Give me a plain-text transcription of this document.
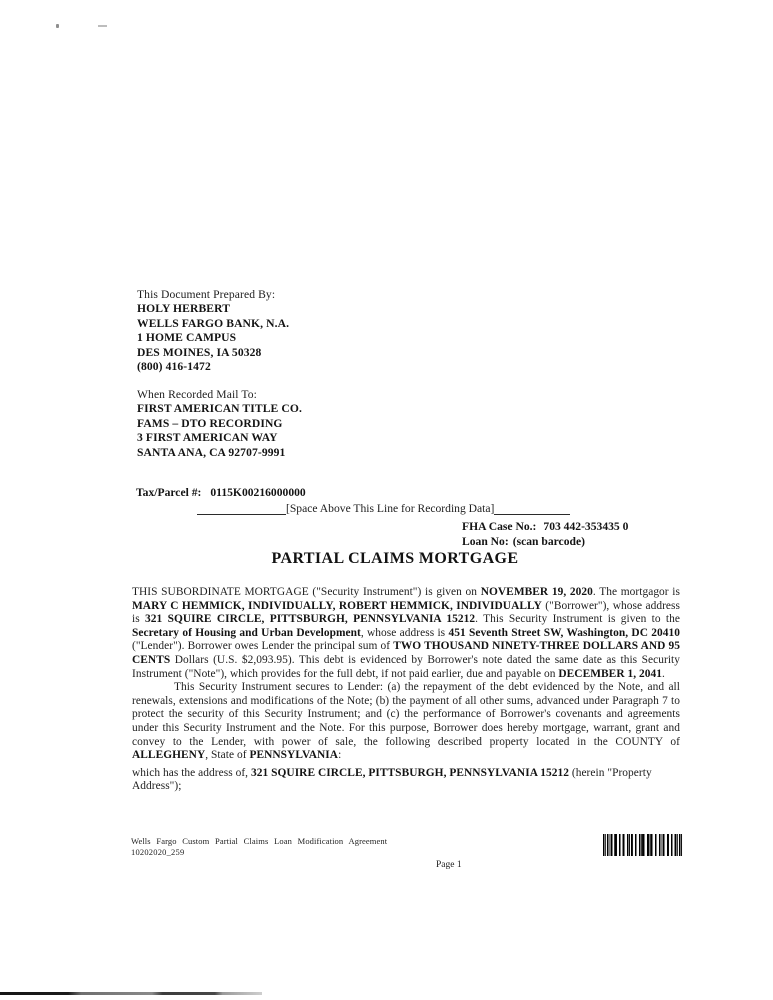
This Document Prepared By:
HOLY HERBERT
WELLS FARGO BANK, N.A.
1 HOME CAMPUS
DES MOINES, IA 50328
(800) 416-1472
When Recorded Mail To:
FIRST AMERICAN TITLE CO.
FAMS – DTO RECORDING
3 FIRST AMERICAN WAY
SANTA ANA, CA 92707-9991
Tax/Parcel #: 0115K00216000000
[Space Above This Line for Recording Data]
FHA Case No.: 703 442-353435 0
Loan No: (scan barcode)
PARTIAL CLAIMS MORTGAGE

THIS SUBORDINATE MORTGAGE ("Security Instrument") is given on NOVEMBER 19, 2020. The mortgagor is MARY C HEMMICK, INDIVIDUALLY, ROBERT HEMMICK, INDIVIDUALLY ("Borrower"), whose address is 321 SQUIRE CIRCLE, PITTSBURGH, PENNSYLVANIA 15212. This Security Instrument is given to the Secretary of Housing and Urban Development, whose address is 451 Seventh Street SW, Washington, DC 20410 ("Lender"). Borrower owes Lender the principal sum of TWO THOUSAND NINETY-THREE DOLLARS AND 95 CENTS Dollars (U.S. $2,093.95). This debt is evidenced by Borrower's note dated the same date as this Security Instrument ("Note"), which provides for the full debt, if not paid earlier, due and payable on DECEMBER 1, 2041.

This Security Instrument secures to Lender: (a) the repayment of the debt evidenced by the Note, and all renewals, extensions and modifications of the Note; (b) the payment of all other sums, advanced under Paragraph 7 to protect the security of this Security Instrument; and (c) the performance of Borrower's covenants and agreements under this Security Instrument and the Note. For this purpose, Borrower does hereby mortgage, warrant, grant and convey to the Lender, with power of sale, the following described property located in the COUNTY of ALLEGHENY, State of PENNSYLVANIA:

which has the address of, 321 SQUIRE CIRCLE, PITTSBURGH, PENNSYLVANIA 15212 (herein "Property Address");

Wells Fargo Custom Partial Claims Loan Modification Agreement
10202020_259
Page 1
